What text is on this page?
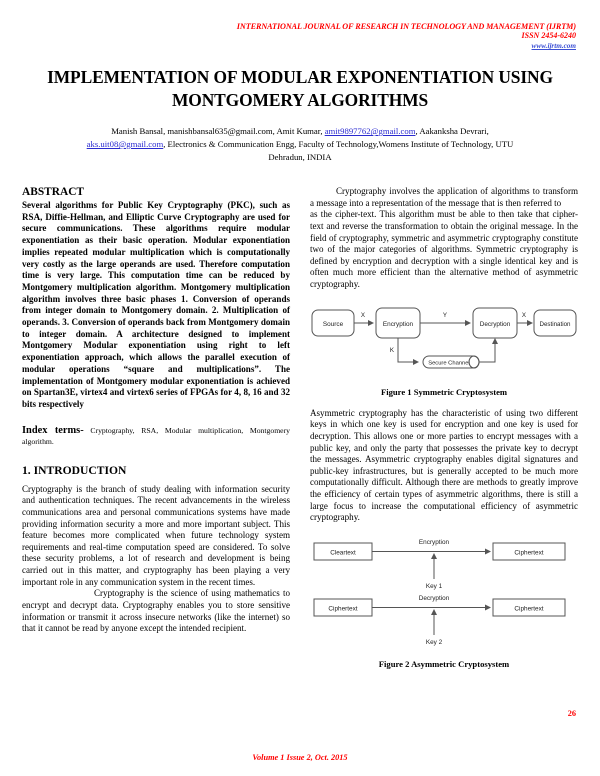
INTERNATIONAL JOURNAL OF RESEARCH IN TECHNOLOGY AND MANAGEMENT (IJRTM)
ISSN 2454-6240
www.ijrtm.com
IMPLEMENTATION OF MODULAR EXPONENTIATION USING MONTGOMERY ALGORITHMS
Manish Bansal, manishbansal635@gmail.com, Amit Kumar, amit9897762@gmail.com, Aakanksha Devrari,
aks.uit08@gmail.com, Electronics & Communication Engg, Faculty of Technology,Womens Institute of Technology, UTU
Dehradun, INDIA
ABSTRACT

Several algorithms for Public Key Cryptography (PKC), such as RSA, Diffie-Hellman, and Elliptic Curve Cryptography are used for secure communications. These algorithms require modular exponentiation as their basic operation. Modular exponentiation implies repeated modular multiplication which is computationally very costly as the large operands are used. Therefore computation time is very large. This computation time can be reduced by Montgomery multiplication algorithm. Montgomery multiplication algorithm involves three basic phases 1. Conversion of operands from integer domain to Montgomery domain. 2. Multiplication of operands. 3. Conversion of operands back from Montgomery domain to integer domain. A architecture designed to implement Montgomery Modular exponentiation using right to left exponentiation approach, which allows the parallel execution of modular operations “square and multiplications”. The implementation of Montgomery modular exponentiation is achieved on Spartan3E, virtex4 and virtex6 series of FPGAs for 4, 8, 16 and 32 bits respectively

Index terms- Cryptography, RSA, Modular multiplication, Montgomery algorithm.

1. INTRODUCTION

Cryptography is the branch of study dealing with information security and authentication techniques. The recent advancements in the wireless communications area and personal communications systems have made providing information security a more and more important subject. This feature becomes more complicated when future technology system requirements and real-time computation speed are considered. To solve these security problems, a lot of research and development is being carried out in this matter, and cryptography has been playing a very important role in any communication system in the recent times.

Cryptography is the science of using mathematics to encrypt and decrypt data. Cryptography enables you to store sensitive information or transmit it across insecure networks (like the internet) so that it cannot be read by anyone except the intended recipient.

Cryptography involves the application of algorithms to transform a message into a representation of the message that is then referred to

as the cipher-text. This algorithm must be able to then take that cipher-text and reverse the transformation to obtain the original message. In the field of cryptography, symmetric and asymmetric cryptography constitute two of the major categories of algorithms. Symmetric cryptography is defined by encryption and decryption with a single identical key and is often much more efficient than the alternative method of asymmetric cryptography.

Source
X
Encryption
Y
Decryption
X
Destination
K
Secure Channel
Figure 1 Symmetric Cryptosystem

Asymmetric cryptography has the characteristic of using two different keys in which one key is used for encryption and one key is used for decryption. This allows one or more parties to encrypt messages with a public key, and only the party that possesses the private key to decrypt the messages. Asymmetric cryptography enables digital signatures and public-key infrastructures, but is generally accepted to be much more computationally difficult. Although there are methods to greatly improve the efficiency of certain types of asymmetric algorithms, there is still a large focus to increase the computational efficiency of asymmetric cryptography.

Cleartext
Encryption
Ciphertext
Key 1
Ciphertext
Decryption
Ciphertext
Key 2
Figure 2 Asymmetric Cryptosystem
26
Volume 1 Issue 2, Oct. 2015
